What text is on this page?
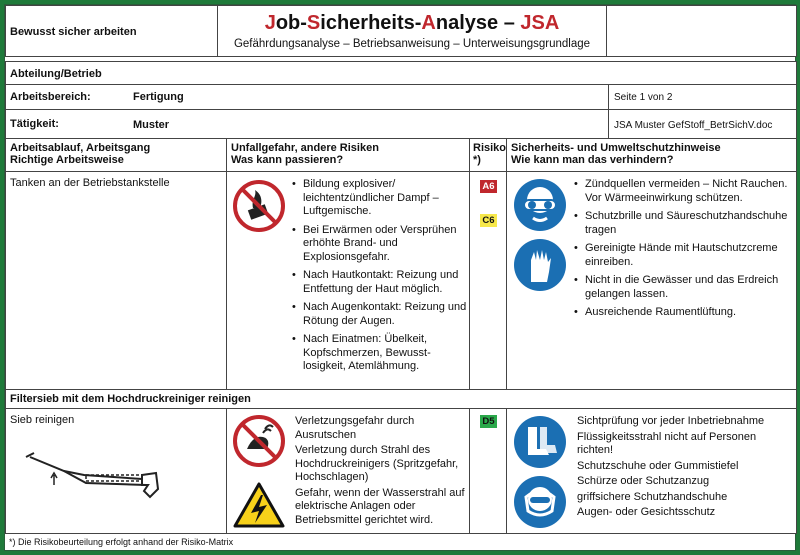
Bewusst sicher arbeiten	Job-Sicherheits-Analyse – JSA
Gefährdungsanalyse – Betriebsanweisung – Unterweisungsgrundlage
Abteilung/Betrieb
Arbeitsbereich:	Fertigung	Seite 1 von 2
Tätigkeit:	Muster	JSA Muster GefStoff_BetrSichV.doc
Arbeitsablauf, Arbeitsgang
Richtige Arbeitsweise
Unfallgefahr, andere Risiken
Was kann passieren?
Risiko
*)
Sicherheits- und Umweltschutzhinweise
Wie kann man das verhindern?
Tanken an der Betriebstankstelle
•	Bildung explosiver/ leichtentzündlicher Dampf – Luftgemische.
• Bei Erwärmen oder Versprühen erhöhte Brand- und Explosionsgefahr.
• Nach Hautkontakt: Reizung und Entfettung der Haut möglich.
• Nach Augenkontakt: Reizung und Rötung der Augen.
• Nach Einatmen: Übelkeit, Kopfschmerzen, Bewusst-losigkeit, Atemlähmung.
A6
C6
• Zündquellen vermeiden – Nicht Rauchen. Vor Wärmeeinwirkung schützen.
• Schutzbrille und Säureschutzhandschuhe tragen
• Gereinigte Hände mit Hautschutzcreme einreiben.
• Nicht in die Gewässer und das Erdreich gelangen lassen.
• Ausreichende Raumentlüftung.
Filtersieb mit dem Hochdruckreiniger reinigen
Sieb reinigen	Verletzungsgefahr durch Ausrutschen

Verletzung durch Strahl des Hochdruckreinigers (Spritzgefahr, Hochschlagen)

Gefahr, wenn der Wasserstrahl auf elektrische Anlagen oder Betriebsmittel gerichtet wird.

D5	Sichtprüfung vor jeder Inbetriebnahme

Flüssigkeitsstrahl nicht auf Personen richten!

Schutzschuhe oder Gummistiefel

Schürze oder Schutzanzug

griffsichere Schutzhandschuhe

Augen- oder Gesichtsschutz

*) Die Risikobeurteilung erfolgt anhand der Risiko-Matrix
